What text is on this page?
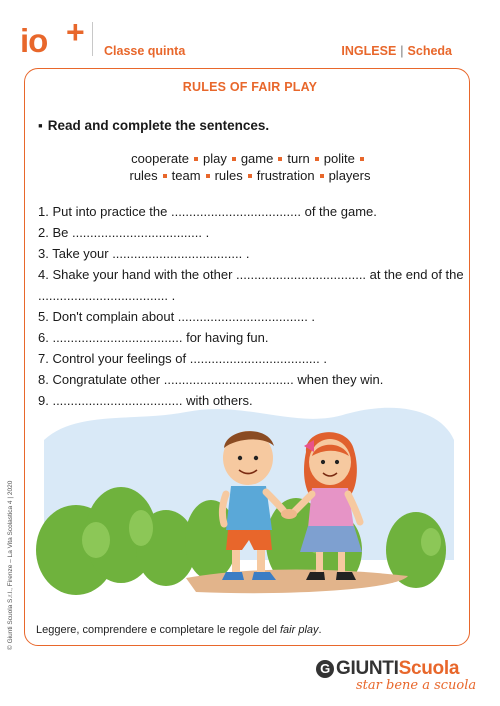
io +
Classe quinta	INGLESE | Scheda
RULES OF FAIR PLAY
▪ Read and complete the sentences.
cooperate play game turn polite
rules team rules frustration players
1. Put into practice the .................................... of the game.
2. Be .................................... .
3. Take your .................................... .
4. Shake your hand with the other .................................... at the end of the
.................................... .
5. Don't complain about .................................... .
6. .................................... for having fun.
7. Control your feelings of .................................... .
8. Congratulate other .................................... when they win.
9. .................................... with others.
Leggere, comprendere e completare le regole del fair play.
© Giunti Scuola S.r.l., Firenze – La Vita Scolastica 4 | 2020
G GIUNTIScuola
star bene a scuola
